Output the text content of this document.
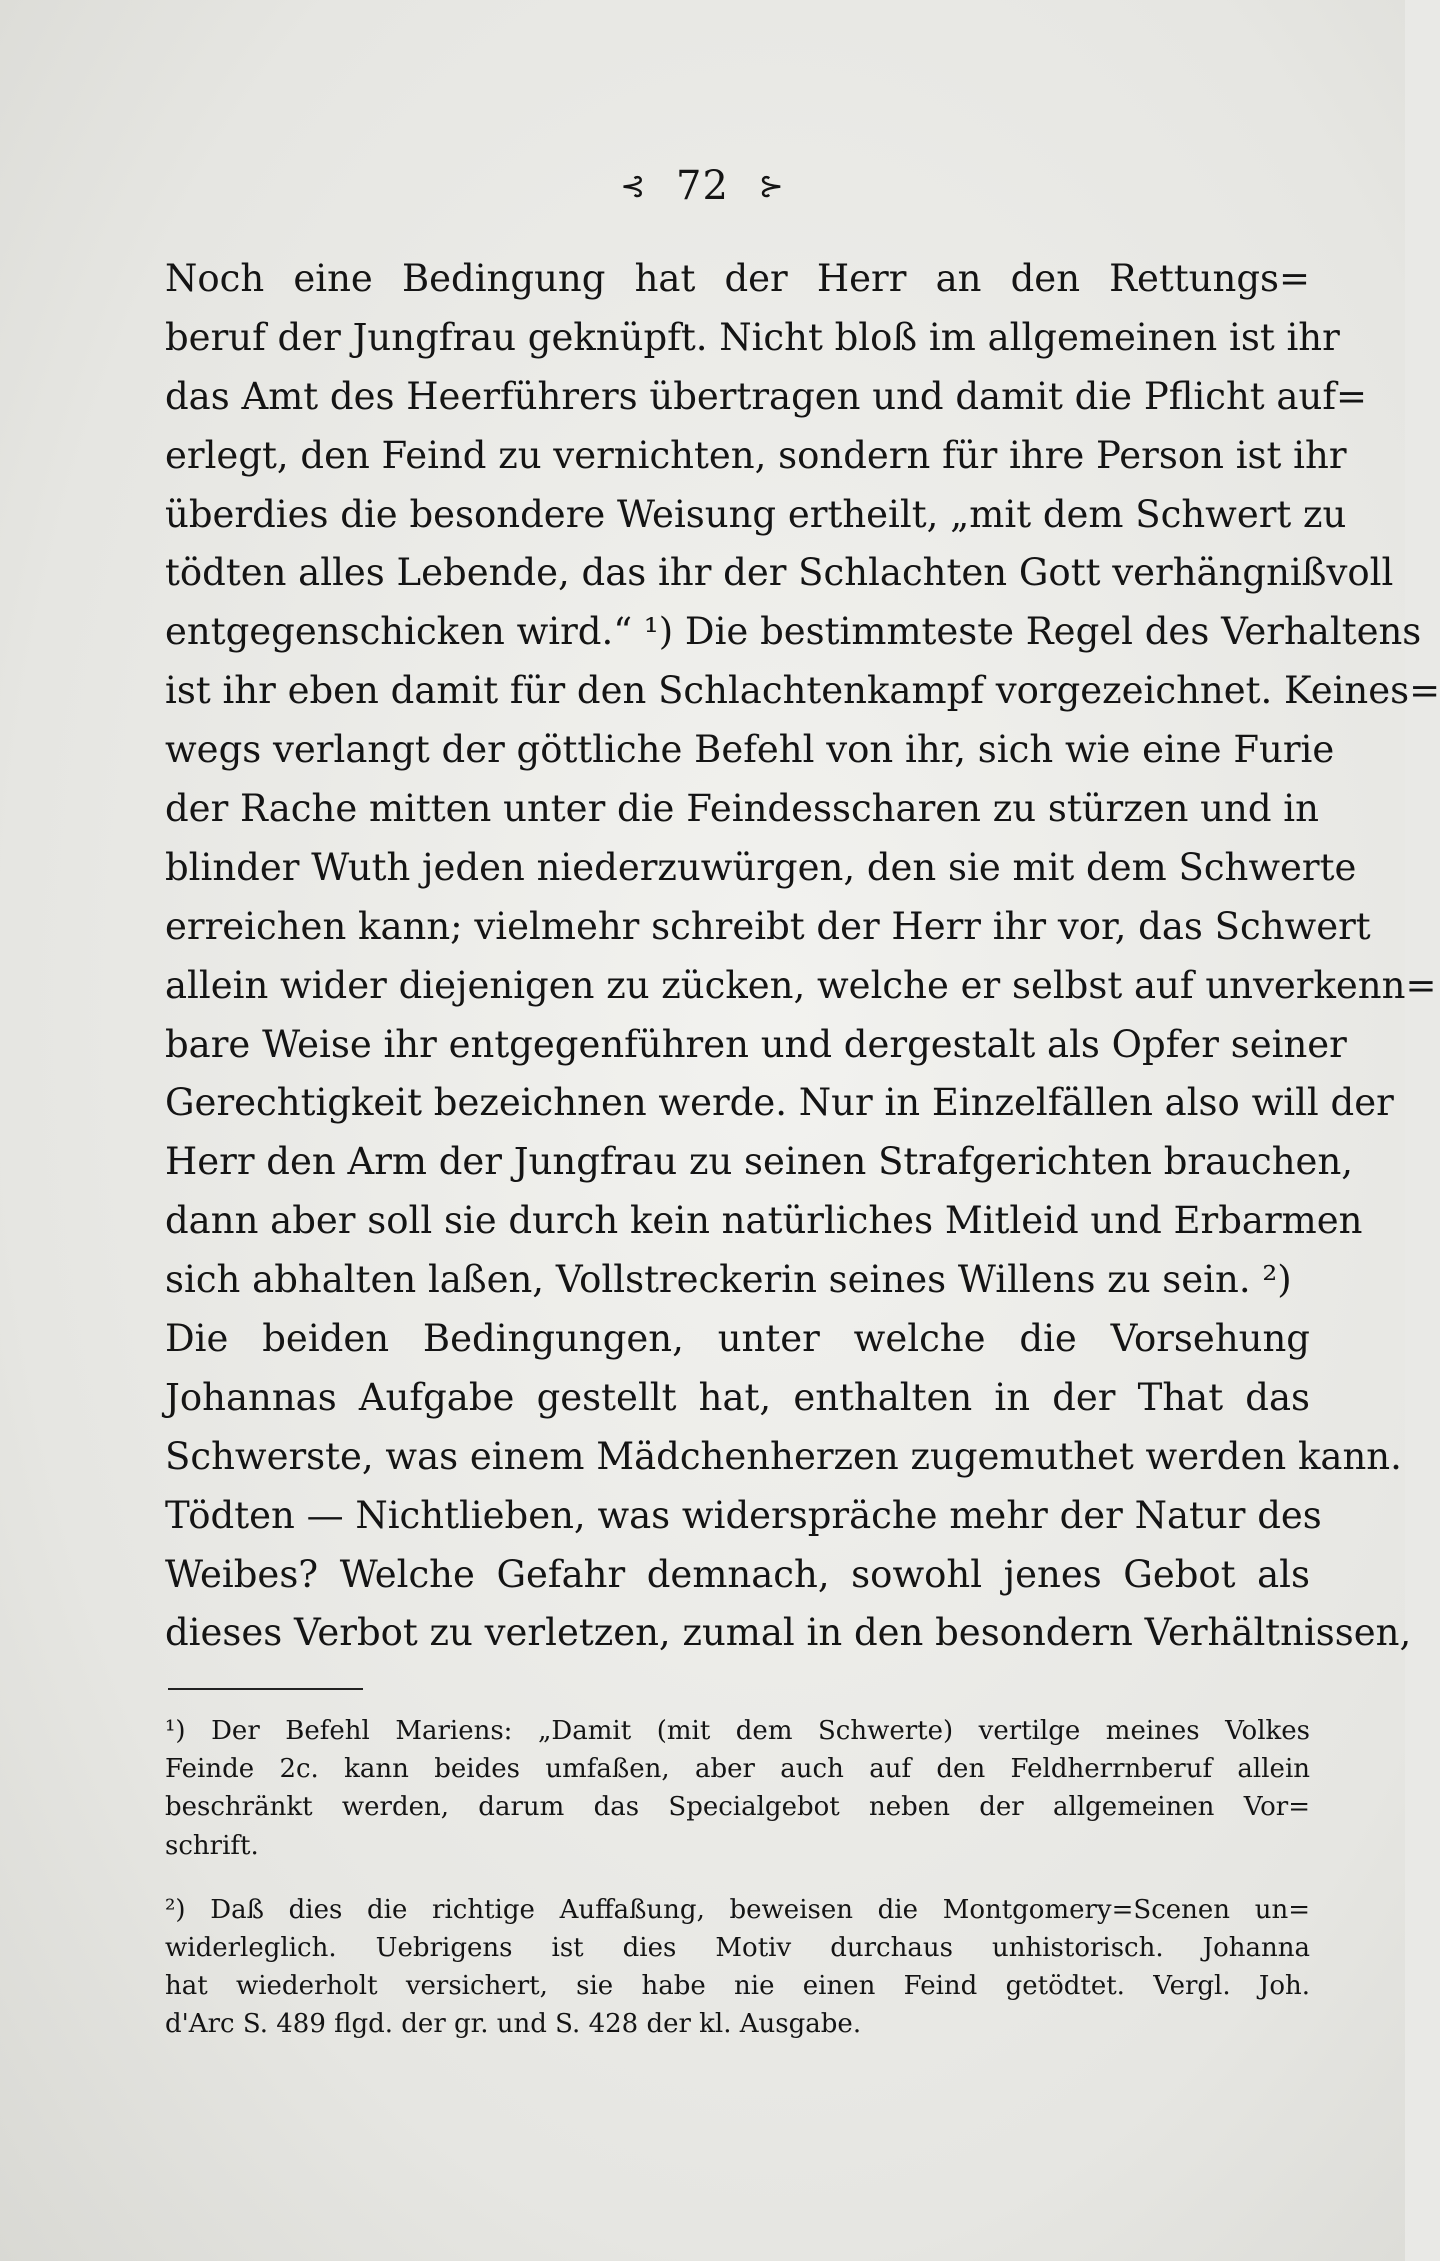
⊰ 72 ⊱
Noch eine Bedingung hat der Herr an den Rettungs=
beruf der Jungfrau geknüpft. Nicht bloß im allgemeinen ist ihr
das Amt des Heerführers übertragen und damit die Pflicht auf=
erlegt, den Feind zu vernichten, sondern für ihre Person ist ihr
überdies die besondere Weisung ertheilt, „mit dem Schwert zu
tödten alles Lebende, das ihr der Schlachten Gott verhängnißvoll
entgegenschicken wird.“ ¹) Die bestimmteste Regel des Verhaltens
ist ihr eben damit für den Schlachtenkampf vorgezeichnet. Keines=
wegs verlangt der göttliche Befehl von ihr, sich wie eine Furie
der Rache mitten unter die Feindesscharen zu stürzen und in
blinder Wuth jeden niederzuwürgen, den sie mit dem Schwerte
erreichen kann; vielmehr schreibt der Herr ihr vor, das Schwert
allein wider diejenigen zu zücken, welche er selbst auf unverkenn=
bare Weise ihr entgegenführen und dergestalt als Opfer seiner
Gerechtigkeit bezeichnen werde. Nur in Einzelfällen also will der
Herr den Arm der Jungfrau zu seinen Strafgerichten brauchen,
dann aber soll sie durch kein natürliches Mitleid und Erbarmen
sich abhalten laßen, Vollstreckerin seines Willens zu sein. ²)
Die beiden Bedingungen, unter welche die Vorsehung
Johannas Aufgabe gestellt hat, enthalten in der That das
Schwerste, was einem Mädchenherzen zugemuthet werden kann.
Tödten — Nichtlieben, was widerspräche mehr der Natur des
Weibes? Welche Gefahr demnach, sowohl jenes Gebot als
dieses Verbot zu verletzen, zumal in den besondern Verhältnissen,
¹) Der Befehl Mariens: „Damit (mit dem Schwerte) vertilge meines Volkes
Feinde 2c. kann beides umfaßen, aber auch auf den Feldherrnberuf allein
beschränkt werden, darum das Specialgebot neben der allgemeinen Vor=
schrift.
²) Daß dies die richtige Auffaßung, beweisen die Montgomery=Scenen un=
widerleglich. Uebrigens ist dies Motiv durchaus unhistorisch. Johanna
hat wiederholt versichert, sie habe nie einen Feind getödtet. Vergl. Joh.
d'Arc S. 489 flgd. der gr. und S. 428 der kl. Ausgabe.
